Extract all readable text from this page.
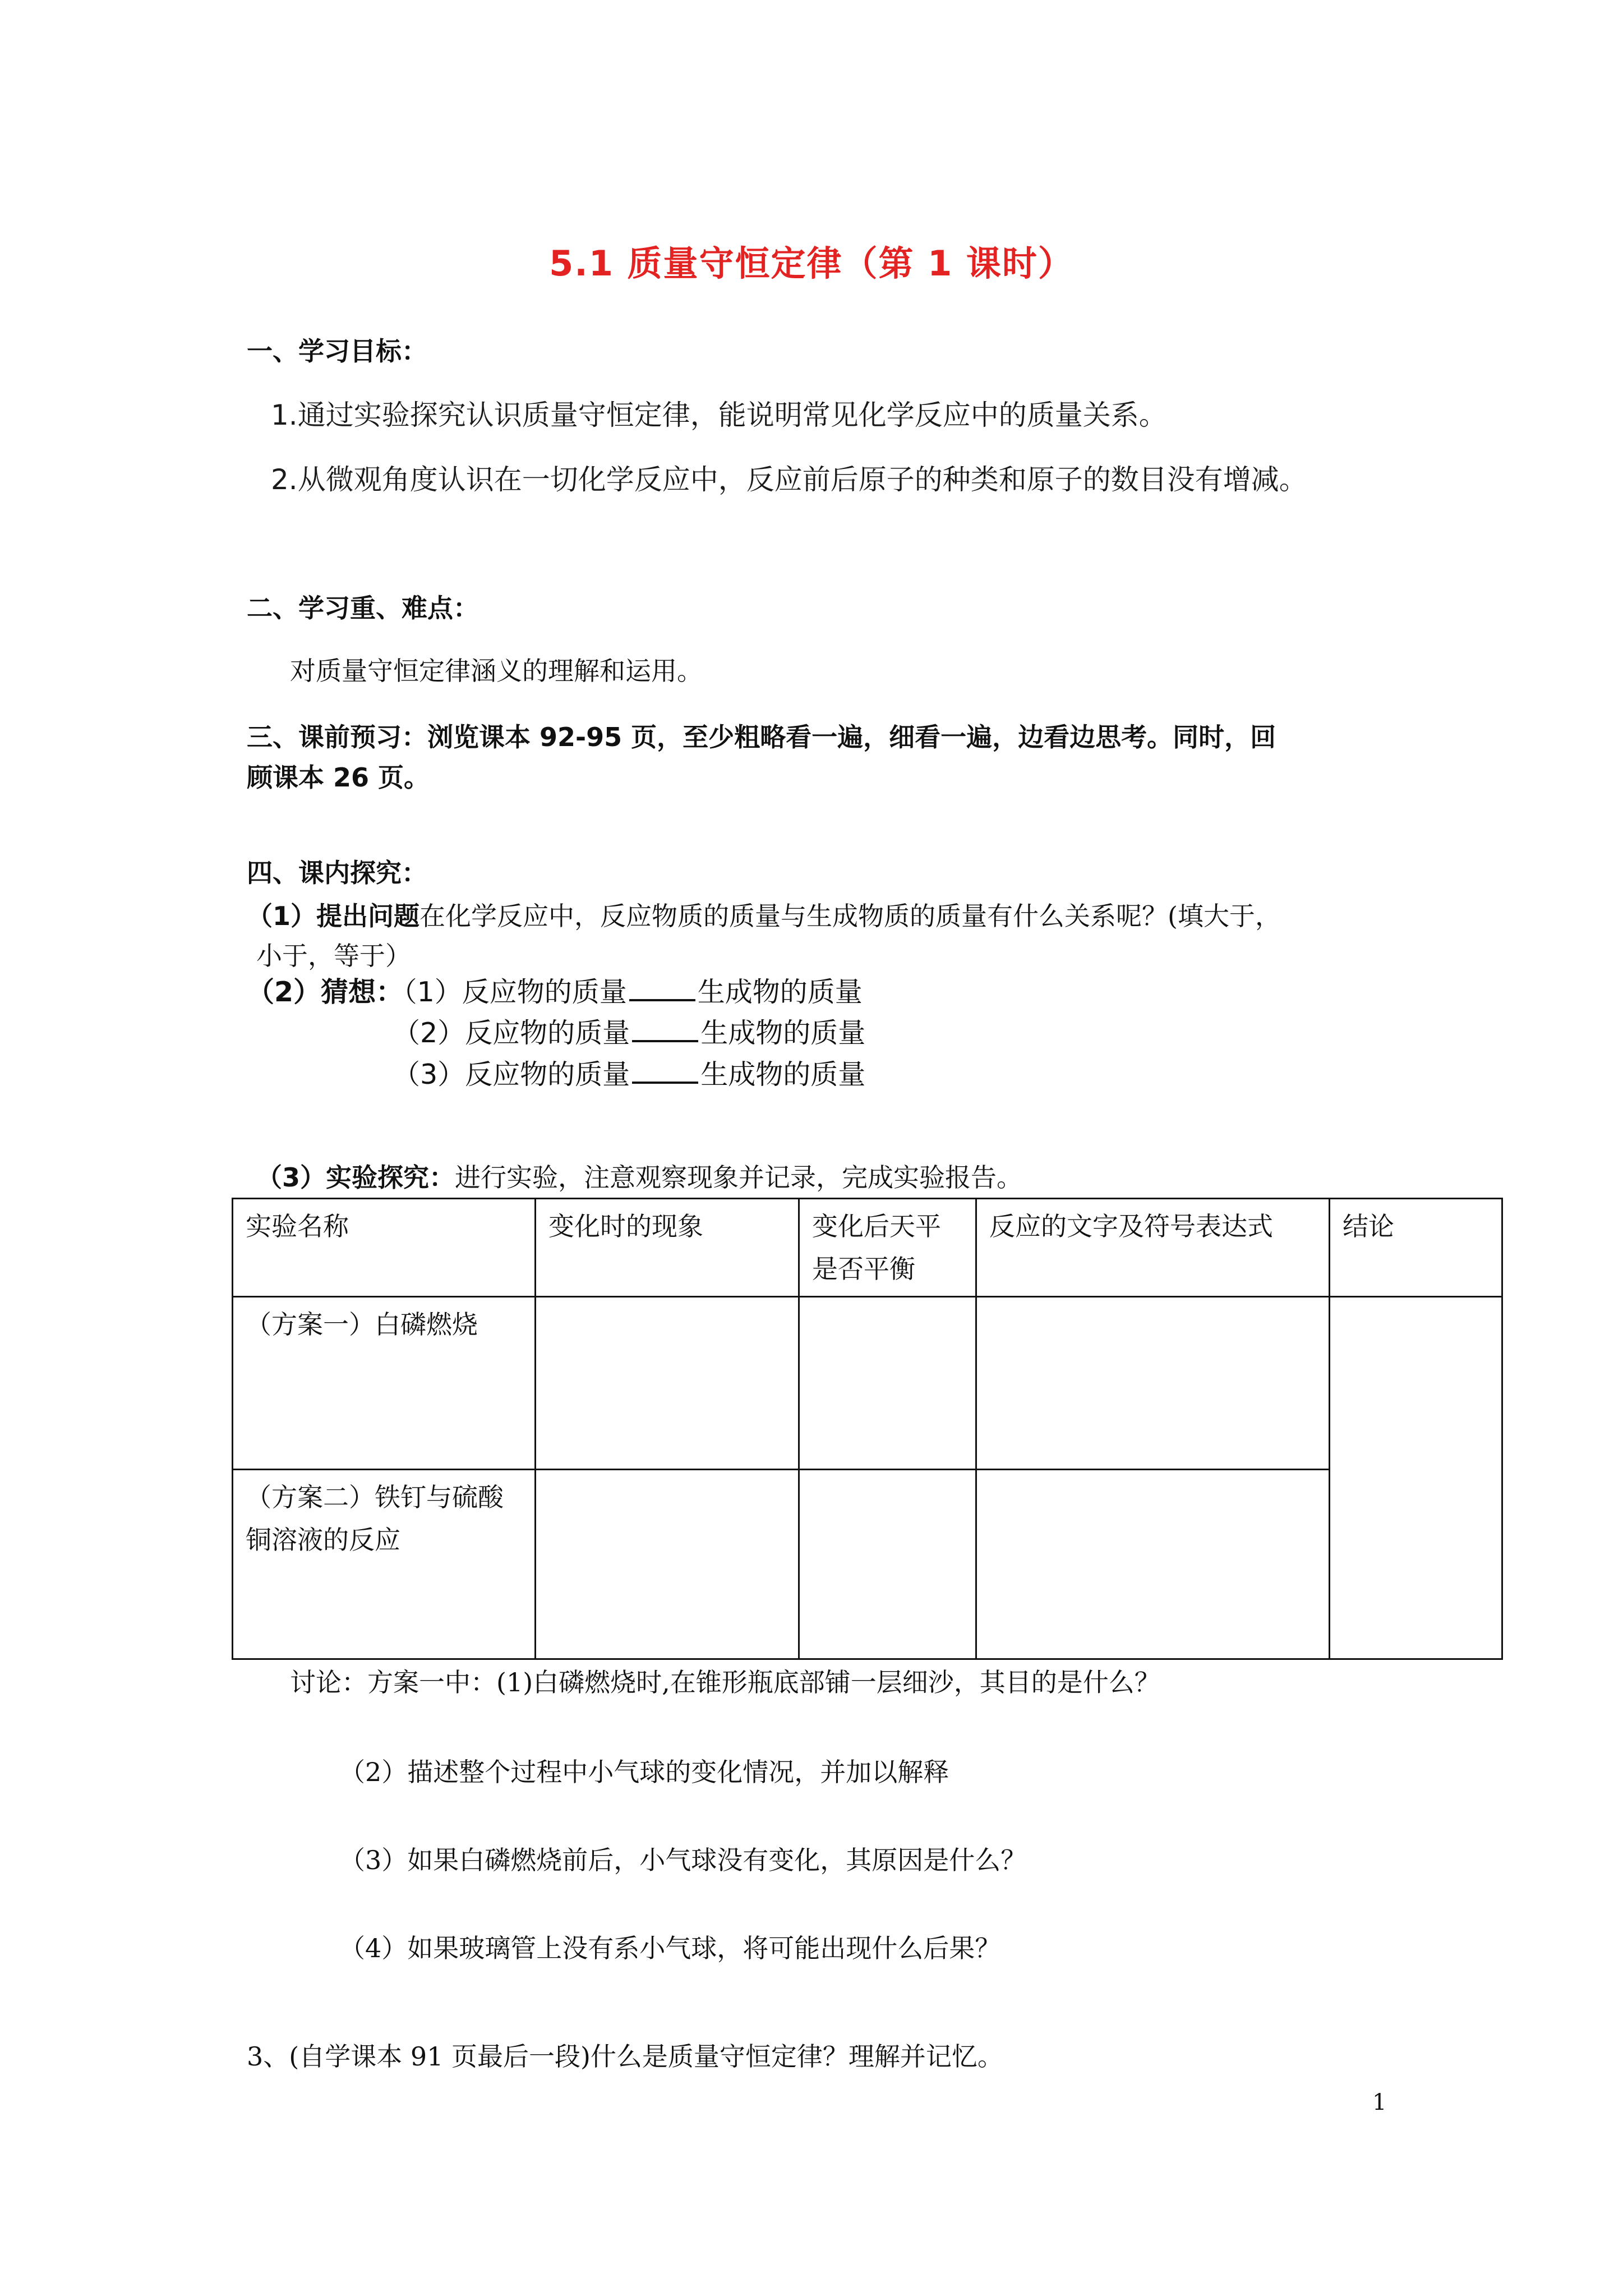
5.1 质量守恒定律（第 1 课时）
一、学习目标：
1.通过实验探究认识质量守恒定律，能说明常见化学反应中的质量关系。
2.从微观角度认识在一切化学反应中，反应前后原子的种类和原子的数目没有增减。
二、学习重、难点：
对质量守恒定律涵义的理解和运用。
三、课前预习：浏览课本 92-95 页，至少粗略看一遍，细看一遍，边看边思考。同时，回
顾课本 26 页。
四、课内探究：
（1）提出问题在化学反应中，反应物质的质量与生成物质的质量有什么关系呢？(填大于，
小于，等于）
（2）猜想：（1）反应物的质量	生成物的质量
（2）反应物的质量	生成物的质量
（3）反应物的质量	生成物的质量
（3）实验探究：进行实验，注意观察现象并记录，完成实验报告。
实验名称	变化时的现象	变化后天平是否平衡	反应的文字及符号表达式	结论
（方案一）白磷燃烧				
（方案二）铁钉与硫酸铜溶液的反应				
讨论：方案一中：(1)白磷燃烧时,在锥形瓶底部铺一层细沙，其目的是什么？
（2）描述整个过程中小气球的变化情况，并加以解释
（3）如果白磷燃烧前后，小气球没有变化，其原因是什么？
（4）如果玻璃管上没有系小气球，将可能出现什么后果？
3、(自学课本 91 页最后一段)什么是质量守恒定律？理解并记忆。
1
